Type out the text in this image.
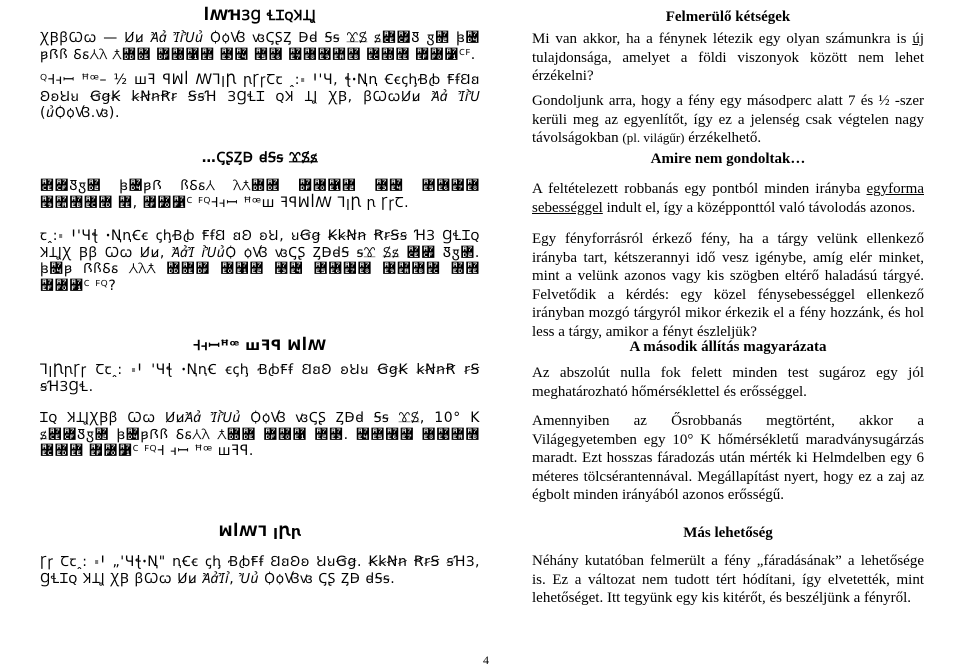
ꟾꟿꞪꞫꞬ ꞭꞮꞯꞰꞱꞲ

ꞳꞴꞵꞶꞷ — Ꞹꞹ Ꞻꞻ ꞼꞽꞾꞿ ꟀꟁꟂ ꟃꟄꟅꟆ Ꟈꟈ Ꟊꟊ ꟋꟌ ꟍ꟎꟏Ꟑ ꟑ꟒ ꟓ꟔ ꟕꟖꟗ ꟘꟙꟚꟛ Ƛ꟝꟞ ꟟꟠꟡꟢ ꟣꟤ ꟥꟦ ꟧꟨꟩꟪꟫ ꟬꟭꟮ ꟯꟰꟱ꟲꟳ.

ꟴꟵꟶꟷ ꟸꟹ– ½ ꟺꟻ ꟼꟽꟾ ꟿꞀꞁꞂ ꞃꞄꞅꞆꞇ ꞈ꞉꞊ ꞋꞌꞍ, ꞎꞏꞐꞑ ꞒꞓꞔꞕꞖꞗ ꞘꞙꞚꞛ ꞜꞝꞞꞟ ꞠꞡꞢ ꞣꞤꞥꞦꞧ ꞨꞩꞪ ꞫꞬꞭꞮ ꞯꞰ ꞱꞲ ꞳꞴ, ꞵꞶꞷꞸꞹ Ꞻꞻ ꞼꞽꞾ (ꞿꟀꟁꟂ.ꟃ).

…ꟄꟅꟆꟇ ꟈꟉꟊ ꟋꟌꟍ

꟎꟏Ꟑꟑ꟒ ꟓ꟔ꟕꟖ ꟗꟘꟙꟚ ꟛꟜ꟝꟞ ꟟꟠꟡꟢ ꟣꟤ ꟥꟦꟧꟨ ꟩꟪꟫꟬꟭ ꟮, ꟯꟰꟱ꟲ ꟳꟴꟵꟶꟷ ꟸꟹꟺ ꟻꟼꟽꟾꟿ ꞀꞁꞂ ꞃ ꞄꞅꞆ.

ꞇꞈ꞉꞊ ꞋꞌꞍꞎ ꞏꞐꞑꞒꞓ ꞔꞕꞖꞗ ꞘꞙꞚ ꞛꞜ ꞝꞞ, ꞟꞠꞡ ꞢꞣꞤꞥ ꞦꞧꞨꞩ ꞪꞫ ꞬꞭꞮꞯ ꞰꞱꞲꞳ Ꞵꞵ Ꞷꞷ Ꞹꞹ, ꞺꞻꞼ ꞽꞾꞿꟀ ꟁꟂ ꟃꟄꟅ ꟆꟇꟈꟉ ꟊꟋ Ꟍꟍ ꟎꟏ Ꟑꟑ꟒. ꟓ꟔ꟕ ꟖꟗꟘꟙ ꟚꟛꟜ ꟝꟞꟟ ꟠꟡꟢ ꟣꟤ ꟥꟦꟧꟨ ꟩꟪꟫꟬ ꟭꟮ ꟯꟰꟱ꟲ ꟳꟴ?

Ꟶꟶꟷꟸꟹ ꟺꟻꟼ ꟽꟾꟿ

ꞀꞁꞂꞃꞄꞅ Ꞇꞇꞈ꞉ ꞊Ꞌ ꞌꞍꞎ ꞏꞐꞑꞒ ꞓꞔꞕ ꞖꞗꞘꞙ ꞚꞛꞜ ꞝꞞꞟ ꞠꞡꞢ ꞣꞤꞥꞦ ꞧꞨ ꞩꞪꞫꞬꞭ.

Ɪꞯ ꞰꞱꞲꞳꞴꞵ Ꞷꞷ ꞸꞹꞺꞻ ꞼꞽꞾꞿ ꟀꟁꟂ ꟃꟄꟅ ꟆꟇꟈ Ꟊꟊ ꟋꟌ, 10° K ꟍ꟎꟏Ꟑꟑ꟒ ꟓ꟔ꟕꟖꟗ ꟘꟙꟚꟛ Ƛ꟝꟞ ꟟꟠꟡ ꟢꟣. ꟤꟥꟦꟧ ꟨꟩꟪꟫ ꟬꟭꟮ ꟯꟰꟱ꟲ ꟳꟴꟵ ꟶꟷ ꟸꟹ ꟺꟻꟼ.

ꟽꟾꟿꞀ ꞁꞂꞃ

Ꞅꞅ Ꞇꞇꞈ꞉ ꞊Ꞌ „ꞌꞍꞎꞏꞐ" ꞑꞒꞓ ꞔꞕ ꞖꞗꞘꞙ ꞚꞛꞜꞝ ꞞꞟꞠꞡ. ꞢꞣꞤꞥ ꞦꞧꞨ ꞩꞪꞫ, ꞬꞭꞮꞯ ꞰꞱꞲ ꞳꞴ ꞵꞶꞷ Ꞹꞹ ꞺꞻꞼꞽ, Ꞿꞿ ꟀꟁꟂꟃ ꟄꟅ ꟆꟇ ꟈꟉꟊ.

Felmerülő kétségek

Mi van akkor, ha a fénynek létezik egy olyan számunkra is új tulajdonsága, amelyet a földi viszonyok között nem lehet érzékelni?

Gondoljunk arra, hogy a fény egy másodperc alatt 7 és ½ -szer kerüli meg az egyenlítőt, így ez a jelenség csak végtelen nagy távolságokban (pl. világűr) érzékelhető.

Amire nem gondoltak…

A feltételezett robbanás egy pontból minden irányba egyforma sebességgel indult el, így a középponttól való távolodás azonos.

Egy fényforrásról érkező fény, ha a tárgy velünk ellenkező irányba tart, kétszerannyi idő vesz igénybe, amíg elér minket, mint a velünk azonos vagy kis szögben eltérő haladású tárgyé. Felvetődik a kérdés: egy közel fénysebességgel ellenkező irányban mozgó tárgyról mikor érkezik el a fény hozzánk, és hol less a tárgy, amikor a fényt észleljük?

A második állítás magyarázata

Az abszolút nulla fok felett minden test sugároz egy jól meghatározható hőmérséklettel és erősséggel.

Amennyiben az Ősrobbanás megtörtént, akkor a Világegyetemben egy 10° K hőmérsékletű maradványsugárzás maradt. Ezt hosszas fáradozás után mérték ki Helmdelben egy 6 méteres tölcsérantennával. Megállapítást nyert, hogy ez a zaj az égbolt minden irányából azonos erősségű.

Más lehetőség

Néhány kutatóban felmerült a fény „fáradásának” a lehetősége is. Ez a változat nem tudott tért hódítani, így elvetették, mint lehetőséget. Itt tegyünk egy kis kitérőt, és beszéljünk a fényről.

4
